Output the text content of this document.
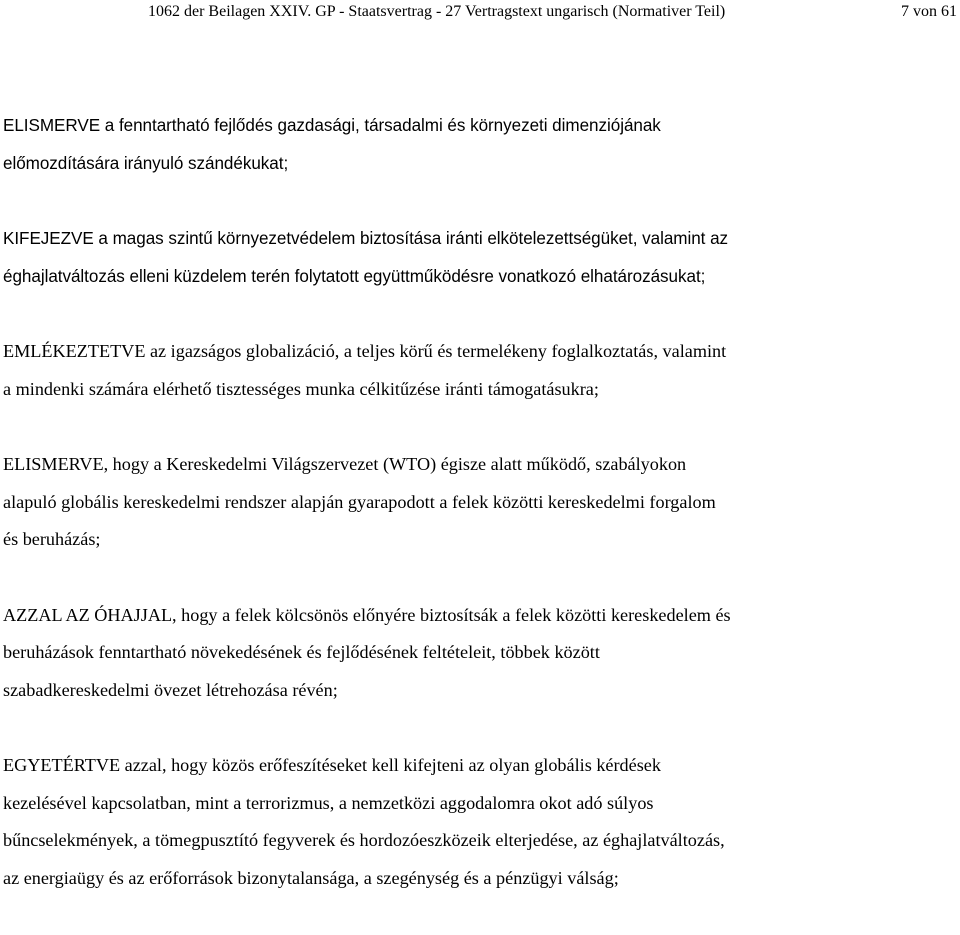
1062 der Beilagen XXIV. GP - Staatsvertrag - 27 Vertragstext ungarisch (Normativer Teil)	7 von 61

ELISMERVE a fenntartható fejlődés gazdasági, társadalmi és környezeti dimenziójának
előmozdítására irányuló szándékukat;

KIFEJEZVE a magas szintű környezetvédelem biztosítása iránti elkötelezettségüket, valamint az
éghajlatváltozás elleni küzdelem terén folytatott együttműködésre vonatkozó elhatározásukat;

EMLÉKEZTETVE az igazságos globalizáció, a teljes körű és termelékeny foglalkoztatás, valamint
a mindenki számára elérhető tisztességes munka célkitűzése iránti támogatásukra;

ELISMERVE, hogy a Kereskedelmi Világszervezet (WTO) égisze alatt működő, szabályokon
alapuló globális kereskedelmi rendszer alapján gyarapodott a felek közötti kereskedelmi forgalom
és beruházás;

AZZAL AZ ÓHAJJAL, hogy a felek kölcsönös előnyére biztosítsák a felek közötti kereskedelem és
beruházások fenntartható növekedésének és fejlődésének feltételeit, többek között
szabadkereskedelmi övezet létrehozása révén;

EGYETÉRTVE azzal, hogy közös erőfeszítéseket kell kifejteni az olyan globális kérdések
kezelésével kapcsolatban, mint a terrorizmus, a nemzetközi aggodalomra okot adó súlyos
bűncselekmények, a tömegpusztító fegyverek és hordozóeszközeik elterjedése, az éghajlatváltozás,
az energiaügy és az erőforrások bizonytalansága, a szegénység és a pénzügyi válság;
